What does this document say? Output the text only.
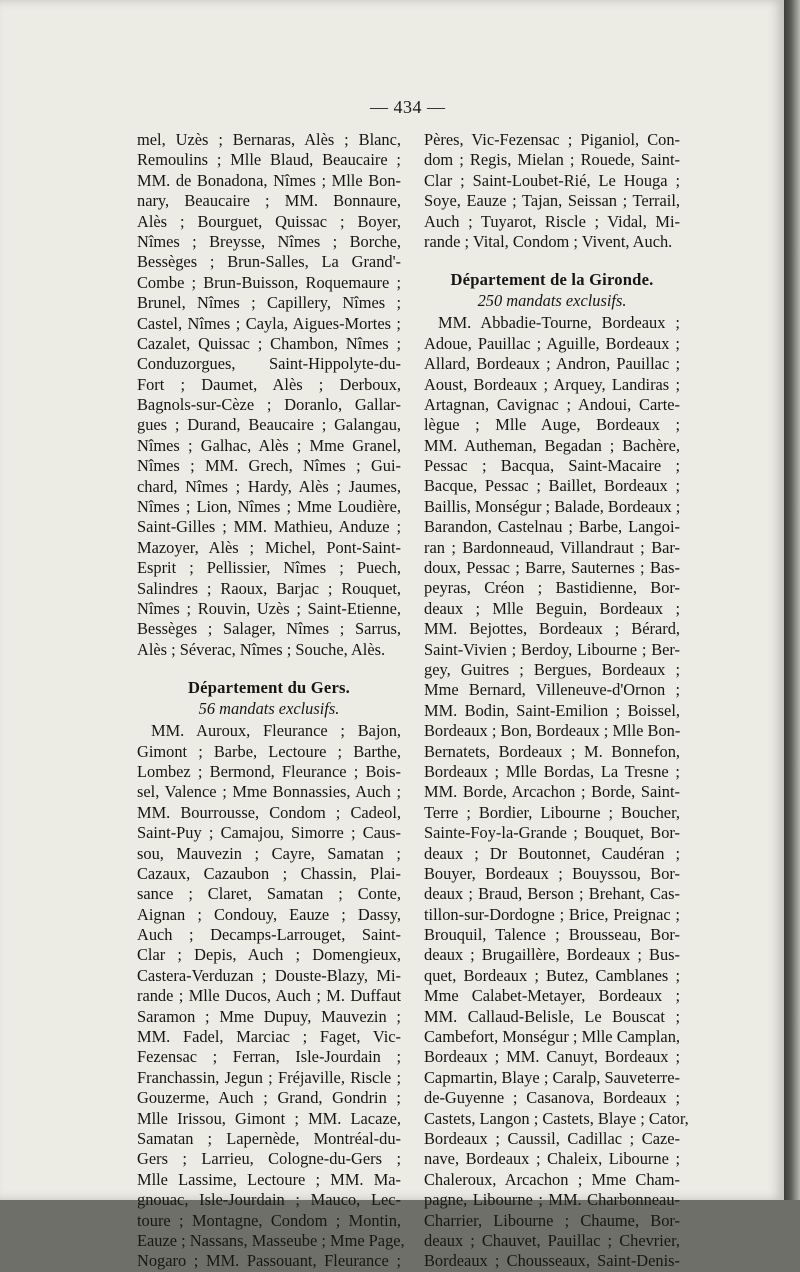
— 434 —
mel, Uzès ; Bernaras, Alès ; Blanc,
Remoulins ; Mlle Blaud, Beaucaire ;
MM. de Bonadona, Nîmes ; Mlle Bon-
nary, Beaucaire ; MM. Bonnaure,
Alès ; Bourguet, Quissac ; Boyer,
Nîmes ; Breysse, Nîmes ; Borche,
Bessèges ; Brun-Salles, La Grand'-
Combe ; Brun-Buisson, Roquemaure ;
Brunel, Nîmes ; Capillery, Nîmes ;
Castel, Nîmes ; Cayla, Aigues-Mortes ;
Cazalet, Quissac ; Chambon, Nîmes ;
Conduzorgues, Saint-Hippolyte-du-
Fort ; Daumet, Alès ; Derboux,
Bagnols-sur-Cèze ; Doranlo, Gallar-
gues ; Durand, Beaucaire ; Galangau,
Nîmes ; Galhac, Alès ; Mme Granel,
Nîmes ; MM. Grech, Nîmes ; Gui-
chard, Nîmes ; Hardy, Alès ; Jaumes,
Nîmes ; Lion, Nîmes ; Mme Loudière,
Saint-Gilles ; MM. Mathieu, Anduze ;
Mazoyer, Alès ; Michel, Pont-Saint-
Esprit ; Pellissier, Nîmes ; Puech,
Salindres ; Raoux, Barjac ; Rouquet,
Nîmes ; Rouvin, Uzès ; Saint-Etienne,
Bessèges ; Salager, Nîmes ; Sarrus,
Alès ; Séverac, Nîmes ; Souche, Alès.
Département du Gers.
56 mandats exclusifs.
MM. Auroux, Fleurance ; Bajon,
Gimont ; Barbe, Lectoure ; Barthe,
Lombez ; Bermond, Fleurance ; Bois-
sel, Valence ; Mme Bonnassies, Auch ;
MM. Bourrousse, Condom ; Cadeol,
Saint-Puy ; Camajou, Simorre ; Caus-
sou, Mauvezin ; Cayre, Samatan ;
Cazaux, Cazaubon ; Chassin, Plai-
sance ; Claret, Samatan ; Conte,
Aignan ; Condouy, Eauze ; Dassy,
Auch ; Decamps-Larrouget, Saint-
Clar ; Depis, Auch ; Domengieux,
Castera-Verduzan ; Douste-Blazy, Mi-
rande ; Mlle Ducos, Auch ; M. Duffaut
Saramon ; Mme Dupuy, Mauvezin ;
MM. Fadel, Marciac ; Faget, Vic-
Fezensac ; Ferran, Isle-Jourdain ;
Franchassin, Jegun ; Fréjaville, Riscle ;
Gouzerme, Auch ; Grand, Gondrin ;
Mlle Irissou, Gimont ; MM. Lacaze,
Samatan ; Lapernède, Montréal-du-
Gers ; Larrieu, Cologne-du-Gers ;
Mlle Lassime, Lectoure ; MM. Ma-
gnouac, Isle-Jourdain ; Mauco, Lec-
toure ; Montagne, Condom ; Montin,
Eauze ; Nassans, Masseube ; Mme Page,
Nogaro ; MM. Passouant, Fleurance ;
Pères, Vic-Fezensac ; Piganiol, Con-
dom ; Regis, Mielan ; Rouede, Saint-
Clar ; Saint-Loubet-Rié, Le Houga ;
Soye, Eauze ; Tajan, Seissan ; Terrail,
Auch ; Tuyarot, Riscle ; Vidal, Mi-
rande ; Vital, Condom ; Vivent, Auch.
Département de la Gironde.
250 mandats exclusifs.
MM. Abbadie-Tourne, Bordeaux ;
Adoue, Pauillac ; Aguille, Bordeaux ;
Allard, Bordeaux ; Andron, Pauillac ;
Aoust, Bordeaux ; Arquey, Landiras ;
Artagnan, Cavignac ; Andoui, Carte-
lègue ; Mlle Auge, Bordeaux ;
MM. Autheman, Begadan ; Bachère,
Pessac ; Bacqua, Saint-Macaire ;
Bacque, Pessac ; Baillet, Bordeaux ;
Baillis, Monségur ; Balade, Bordeaux ;
Barandon, Castelnau ; Barbe, Langoi-
ran ; Bardonneaud, Villandraut ; Bar-
doux, Pessac ; Barre, Sauternes ; Bas-
peyras, Créon ; Bastidienne, Bor-
deaux ; Mlle Beguin, Bordeaux ;
MM. Bejottes, Bordeaux ; Bérard,
Saint-Vivien ; Berdoy, Libourne ; Ber-
gey, Guitres ; Bergues, Bordeaux ;
Mme Bernard, Villeneuve-d'Ornon ;
MM. Bodin, Saint-Emilion ; Boissel,
Bordeaux ; Bon, Bordeaux ; Mlle Bon-
Bernatets, Bordeaux ; M. Bonnefon,
Bordeaux ; Mlle Bordas, La Tresne ;
MM. Borde, Arcachon ; Borde, Saint-
Terre ; Bordier, Libourne ; Boucher,
Sainte-Foy-la-Grande ; Bouquet, Bor-
deaux ; Dr Boutonnet, Caudéran ;
Bouyer, Bordeaux ; Bouyssou, Bor-
deaux ; Braud, Berson ; Brehant, Cas-
tillon-sur-Dordogne ; Brice, Preignac ;
Brouquil, Talence ; Brousseau, Bor-
deaux ; Brugaillère, Bordeaux ; Bus-
quet, Bordeaux ; Butez, Camblanes ;
Mme Calabet-Metayer, Bordeaux ;
MM. Callaud-Belisle, Le Bouscat ;
Cambefort, Monségur ; Mlle Camplan,
Bordeaux ; MM. Canuyt, Bordeaux ;
Capmartin, Blaye ; Caralp, Sauveterre-
de-Guyenne ; Casanova, Bordeaux ;
Castets, Langon ; Castets, Blaye ; Cator,
Bordeaux ; Caussil, Cadillac ; Caze-
nave, Bordeaux ; Chaleix, Libourne ;
Chaleroux, Arcachon ; Mme Cham-
pagne, Libourne ; MM. Charbonneau-
Charrier, Libourne ; Chaume, Bor-
deaux ; Chauvet, Pauillac ; Chevrier,
Bordeaux ; Chousseaux, Saint-Denis-
